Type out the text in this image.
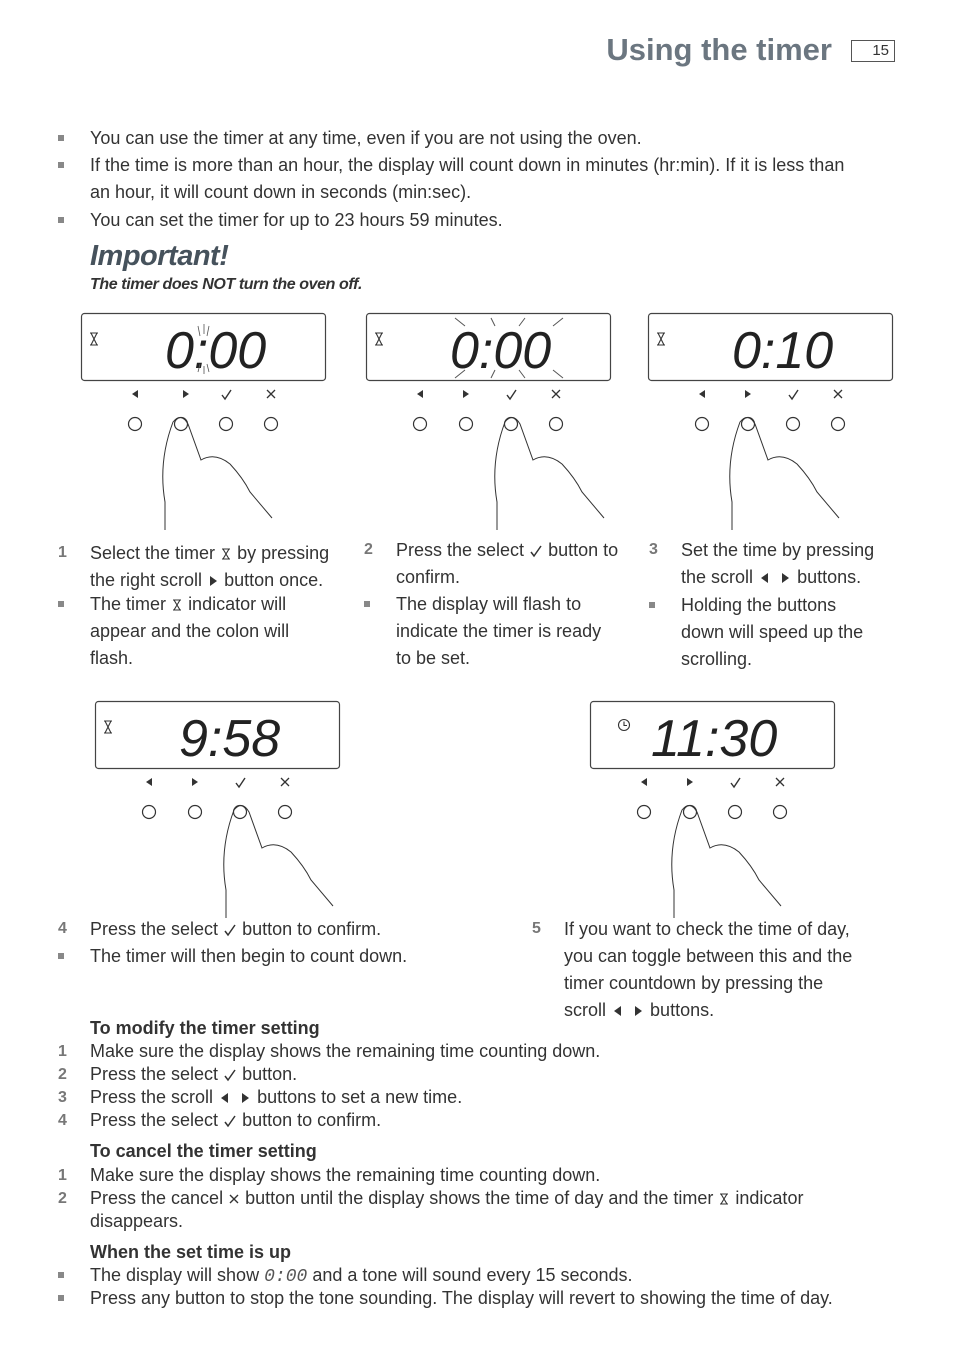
Using the timer	15
You can use the timer at any time, even if you are not using the oven.
If the time is more than an hour, the display will count down in minutes (hr:min). If it is less than
an hour, it will count down in seconds (min:sec).
You can set the timer for up to 23 hours 59 minutes.
Important!
The timer does NOT turn the oven off.
0:00	0:00	0:10
1 Select the timer by pressing
the right scroll button once.
The timer indicator will
appear and the colon will
flash.
2 Press the select button to
confirm.
The display will flash to
indicate the timer is ready
to be set.
3 Set the time by pressing
the scroll buttons.
Holding the buttons
down will speed up the
scrolling.
9:58	11:30
4 Press the select button to confirm.
The timer will then begin to count down.
5 If you want to check the time of day,
you can toggle between this and the
timer countdown by pressing the
scroll buttons.
To modify the timer setting
1 Make sure the display shows the remaining time counting down.
2 Press the select button.
3 Press the scroll buttons to set a new time.
4 Press the select button to confirm.
To cancel the timer setting
1 Make sure the display shows the remaining time counting down.
2 Press the cancel button until the display shows the time of day and the timer indicator
disappears.
When the set time is up
The display will show 0:00 and a tone will sound every 15 seconds.
Press any button to stop the tone sounding. The display will revert to showing the time of day.
